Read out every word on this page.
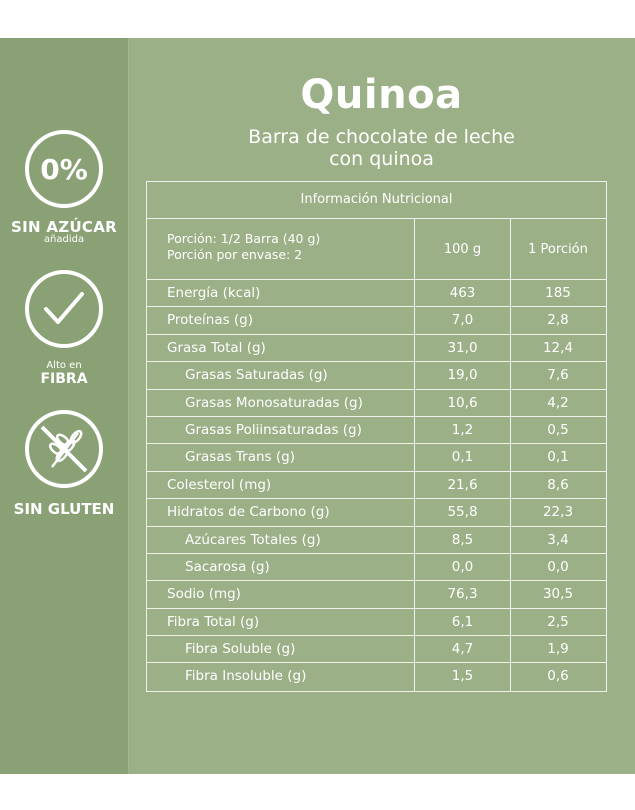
0%
SIN AZÚCAR
añadida
Alto en
FIBRA
SIN GLUTEN
Quinoa
Barra de chocolate de leche
con quinoa
Información Nutricional
Porción: 1/2 Barra (40 g)
Porción por envase: 2	100 g	1 Porción
Energía (kcal)	463	185
Proteínas (g)	7,0	2,8
Grasa Total (g)	31,0	12,4
Grasas Saturadas (g)	19,0	7,6
Grasas Monosaturadas (g)	10,6	4,2
Grasas Poliinsaturadas (g)	1,2	0,5
Grasas Trans (g)	0,1	0,1
Colesterol (mg)	21,6	8,6
Hidratos de Carbono (g)	55,8	22,3
Azúcares Totales (g)	8,5	3,4
Sacarosa (g)	0,0	0,0
Sodio (mg)	76,3	30,5
Fibra Total (g)	6,1	2,5
Fibra Soluble (g)	4,7	1,9
Fibra Insoluble (g)	1,5	0,6
